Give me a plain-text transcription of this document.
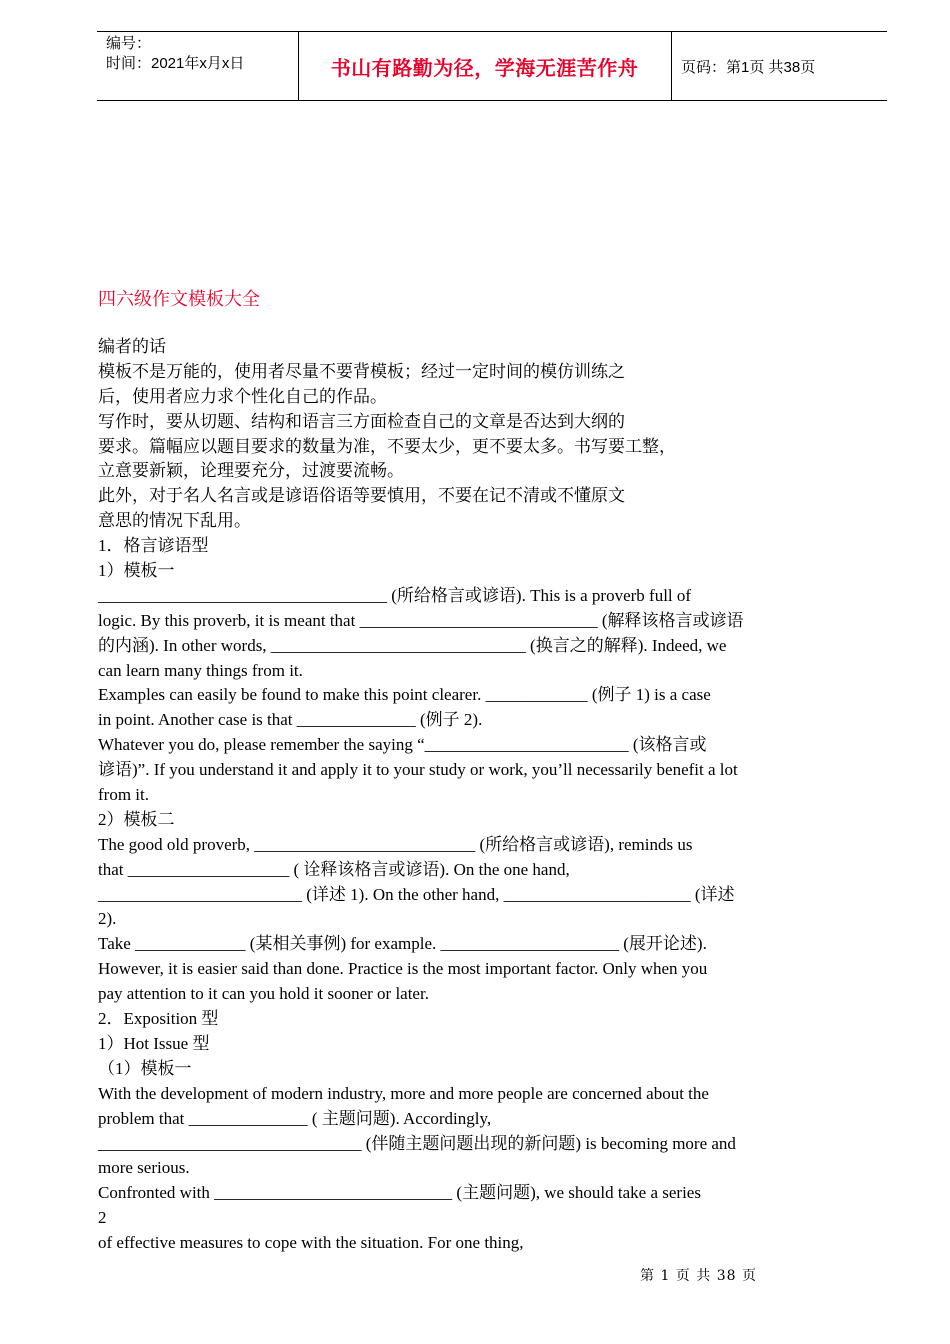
编号：
时间：2021年x月x日	书山有路勤为径，学海无涯苦作舟	页码：第1页 共38页
四六级作文模板大全
编者的话
模板不是万能的，使用者尽量不要背模板；经过一定时间的模仿训练之
后，使用者应力求个性化自己的作品。
写作时，要从切题、结构和语言三方面检查自己的文章是否达到大纲的
要求。篇幅应以题目要求的数量为准，不要太少，更不要太多。书写要工整，
立意要新颖，论理要充分，过渡要流畅。
此外，对于名人名言或是谚语俗语等要慎用，不要在记不清或不懂原文
意思的情况下乱用。
1．格言谚语型
1）模板一
__________________________________ (所给格言或谚语). This is a proverb full of
logic. By this proverb, it is meant that ____________________________ (解释该格言或谚语
的内涵). In other words, ______________________________ (换言之的解释). Indeed, we
can learn many things from it.
Examples can easily be found to make this point clearer. ____________ (例子 1) is a case
in point. Another case is that ______________ (例子 2).
Whatever you do, please remember the saying “________________________ (该格言或
谚语)”. If you understand it and apply it to your study or work, you’ll necessarily benefit a lot
from it.
2）模板二
The good old proverb, __________________________ (所给格言或谚语), reminds us
that ___________________ ( 诠释该格言或谚语). On the one hand,
________________________ (详述 1). On the other hand, ______________________ (详述
2).
Take _____________ (某相关事例) for example. _____________________ (展开论述).
However, it is easier said than done. Practice is the most important factor. Only when you
pay attention to it can you hold it sooner or later.
2．Exposition 型
1）Hot Issue 型
（1）模板一
With the development of modern industry, more and more people are concerned about the
problem that ______________ ( 主题问题). Accordingly,
_______________________________ (伴随主题问题出现的新问题) is becoming more and
more serious.
Confronted with ____________________________ (主题问题), we should take a series
2
of effective measures to cope with the situation. For one thing,
第 1 页 共 38 页
